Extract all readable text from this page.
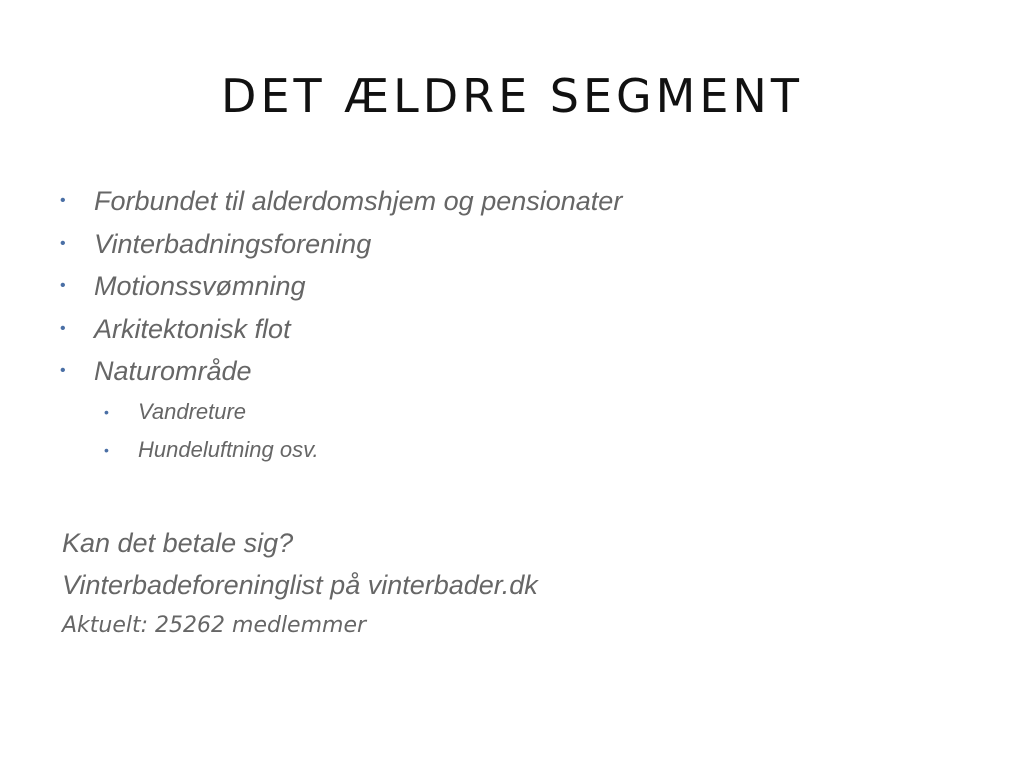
DET ÆLDRE SEGMENT
• Forbundet til alderdomshjem og pensionater
• Vinterbadningsforening
• Motionssvømning
• Arkitektonisk flot
• Naturområde
• Vandreture
• Hundeluftning osv.
Kan det betale sig?
Vinterbadeforeninglist på vinterbader.dk
Aktuelt: 25262 medlemmer
